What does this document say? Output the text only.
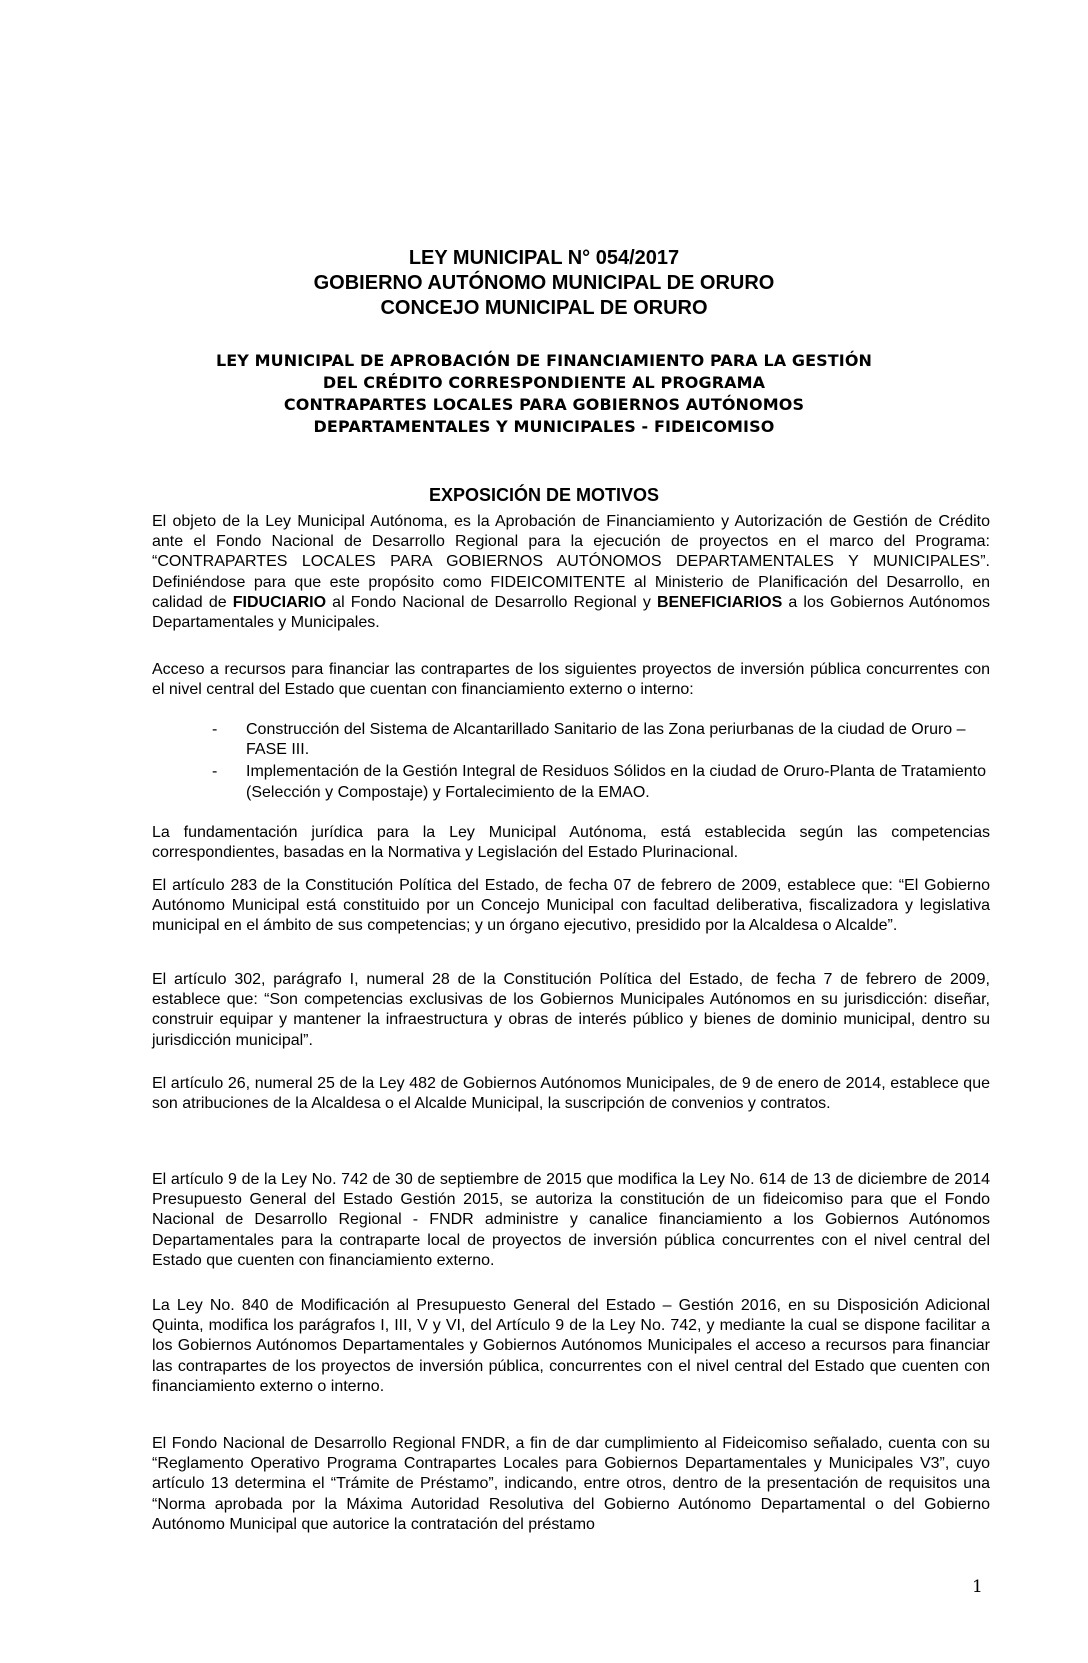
LEY MUNICIPAL N° 054/2017
GOBIERNO AUTÓNOMO MUNICIPAL DE ORURO
CONCEJO MUNICIPAL DE ORURO
LEY MUNICIPAL DE APROBACIÓN DE FINANCIAMIENTO PARA LA GESTIÓN
DEL CRÉDITO CORRESPONDIENTE AL PROGRAMA
CONTRAPARTES LOCALES PARA GOBIERNOS AUTÓNOMOS
DEPARTAMENTALES Y MUNICIPALES - FIDEICOMISO
EXPOSICIÓN DE MOTIVOS

El objeto de la Ley Municipal Autónoma, es la Aprobación de Financiamiento y Autorización de Gestión de Crédito ante el Fondo Nacional de Desarrollo Regional para la ejecución de proyectos en el marco del Programa: “CONTRAPARTES LOCALES PARA GOBIERNOS AUTÓNOMOS DEPARTAMENTALES Y MUNICIPALES”. Definiéndose para que este propósito como FIDEICOMITENTE al Ministerio de Planificación del Desarrollo, en calidad de FIDUCIARIO al Fondo Nacional de Desarrollo Regional y BENEFICIARIOS a los Gobiernos Autónomos Departamentales y Municipales.

Acceso a recursos para financiar las contrapartes de los siguientes proyectos de inversión pública concurrentes con el nivel central del Estado que cuentan con financiamiento externo o interno:

- Construcción del Sistema de Alcantarillado Sanitario de las Zona periurbanas de la ciudad de Oruro – FASE III.
- Implementación de la Gestión Integral de Residuos Sólidos en la ciudad de Oruro-Planta de Tratamiento (Selección y Compostaje) y Fortalecimiento de la EMAO.

La fundamentación jurídica para la Ley Municipal Autónoma, está establecida según las competencias correspondientes, basadas en la Normativa y Legislación del Estado Plurinacional.

El artículo 283 de la Constitución Política del Estado, de fecha 07 de febrero de 2009, establece que: “El Gobierno Autónomo Municipal está constituido por un Concejo Municipal con facultad deliberativa, fiscalizadora y legislativa municipal en el ámbito de sus competencias; y un órgano ejecutivo, presidido por la Alcaldesa o Alcalde”.

El artículo 302, parágrafo I, numeral 28 de la Constitución Política del Estado, de fecha 7 de febrero de 2009, establece que: “Son competencias exclusivas de los Gobiernos Municipales Autónomos en su jurisdicción: diseñar, construir equipar y mantener la infraestructura y obras de interés público y bienes de dominio municipal, dentro su jurisdicción municipal”.

El artículo 26, numeral 25 de la Ley 482 de Gobiernos Autónomos Municipales, de 9 de enero de 2014, establece que son atribuciones de la Alcaldesa o el Alcalde Municipal, la suscripción de convenios y contratos.

El artículo 9 de la Ley No. 742 de 30 de septiembre de 2015 que modifica la Ley No. 614 de 13 de diciembre de 2014 Presupuesto General del Estado Gestión 2015, se autoriza la constitución de un fideicomiso para que el Fondo Nacional de Desarrollo Regional - FNDR administre y canalice financiamiento a los Gobiernos Autónomos Departamentales para la contraparte local de proyectos de inversión pública concurrentes con el nivel central del Estado que cuenten con financiamiento externo.

La Ley No. 840 de Modificación al Presupuesto General del Estado – Gestión 2016, en su Disposición Adicional Quinta, modifica los parágrafos I, III, V y VI, del Artículo 9 de la Ley No. 742, y mediante la cual se dispone facilitar a los Gobiernos Autónomos Departamentales y Gobiernos Autónomos Municipales el acceso a recursos para financiar las contrapartes de los proyectos de inversión pública, concurrentes con el nivel central del Estado que cuenten con financiamiento externo o interno.

El Fondo Nacional de Desarrollo Regional FNDR, a fin de dar cumplimiento al Fideicomiso señalado, cuenta con su “Reglamento Operativo Programa Contrapartes Locales para Gobiernos Departamentales y Municipales V3”, cuyo artículo 13 determina el “Trámite de Préstamo”, indicando, entre otros, dentro de la presentación de requisitos una “Norma aprobada por la Máxima Autoridad Resolutiva del Gobierno Autónomo Departamental o del Gobierno Autónomo Municipal que autorice la contratación del préstamo

1
